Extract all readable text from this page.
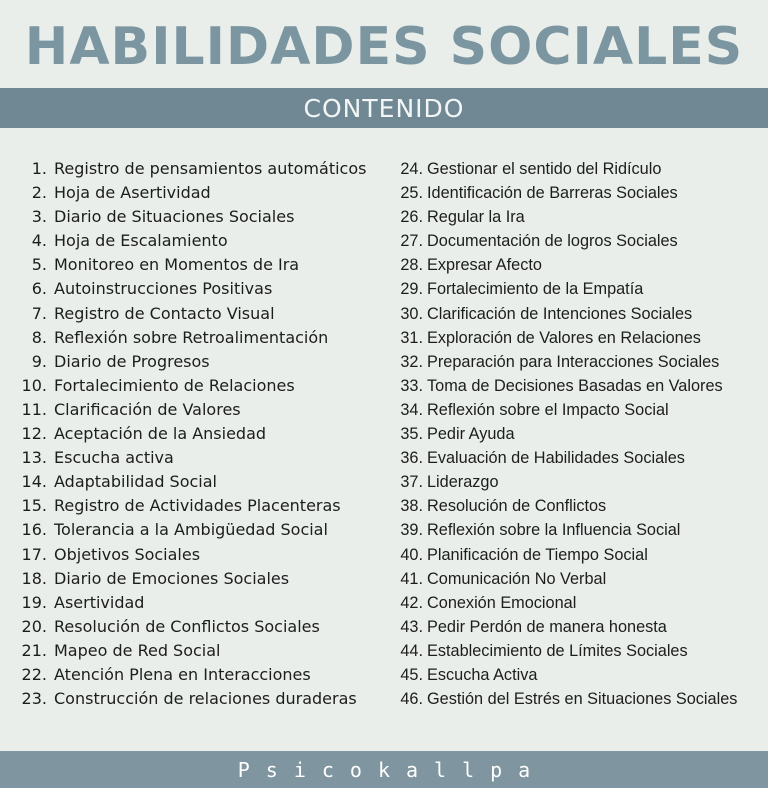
HABILIDADES SOCIALES
CONTENIDO
1. Registro de pensamientos automáticos
2. Hoja de Asertividad
3. Diario de Situaciones Sociales
4. Hoja de Escalamiento
5. Monitoreo en Momentos de Ira
6. Autoinstrucciones Positivas
7. Registro de Contacto Visual
8. Reflexión sobre Retroalimentación
9. Diario de Progresos
10. Fortalecimiento de Relaciones
11. Clarificación de Valores
12. Aceptación de la Ansiedad
13. Escucha activa
14. Adaptabilidad Social
15. Registro de Actividades Placenteras
16. Tolerancia a la Ambigüedad Social
17. Objetivos Sociales
18. Diario de Emociones Sociales
19. Asertividad
20. Resolución de Conflictos Sociales
21. Mapeo de Red Social
22. Atención Plena en Interacciones
23. Construcción de relaciones duraderas
24. Gestionar el sentido del Ridículo
25. Identificación de Barreras Sociales
26. Regular la Ira
27. Documentación de logros Sociales
28. Expresar Afecto
29. Fortalecimiento de la Empatía
30. Clarificación de Intenciones Sociales
31. Exploración de Valores en Relaciones
32. Preparación para Interacciones Sociales
33. Toma de Decisiones Basadas en Valores
34. Reflexión sobre el Impacto Social
35. Pedir Ayuda
36. Evaluación de Habilidades Sociales
37. Liderazgo
38. Resolución de Conflictos
39. Reflexión sobre la Influencia Social
40. Planificación de Tiempo Social
41. Comunicación No Verbal
42. Conexión Emocional
43. Pedir Perdón de manera honesta
44. Establecimiento de Límites Sociales
45. Escucha Activa
46. Gestión del Estrés en Situaciones Sociales
Psicokallpa
